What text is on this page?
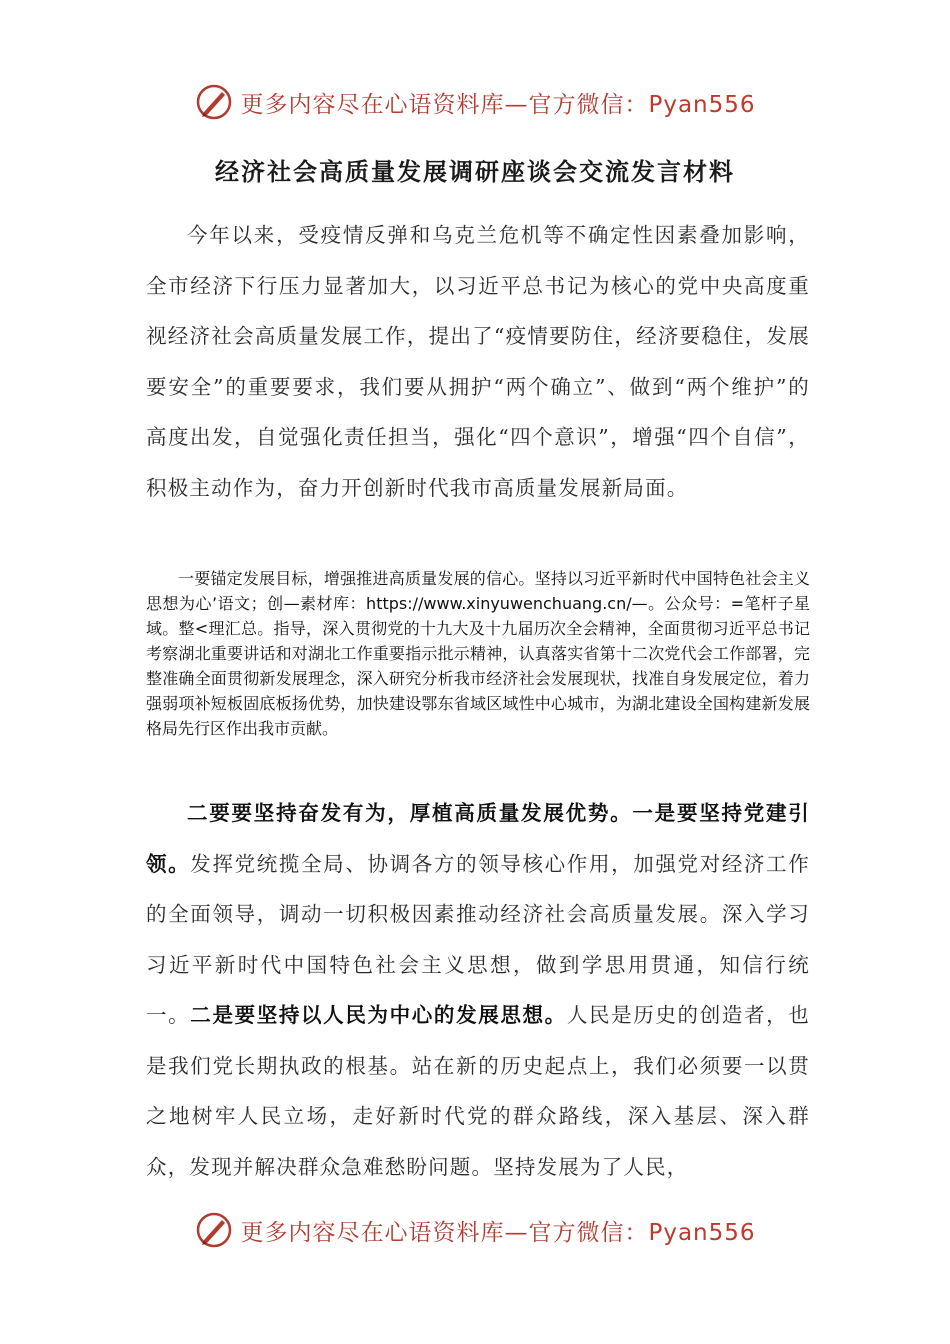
更多内容尽在心语资料库—官方微信：Pyan556
经济社会高质量发展调研座谈会交流发言材料

今年以来，受疫情反弹和乌克兰危机等不确定性因素叠加影响，全市经济下行压力显著加大，以习近平总书记为核心的党中央高度重视经济社会高质量发展工作，提出了“疫情要防住，经济要稳住，发展要安全”的重要要求，我们要从拥护“两个确立”、做到“两个维护”的高度出发，自觉强化责任担当，强化“四个意识”，增强“四个自信”，积极主动作为，奋力开创新时代我市高质量发展新局面。

一要锚定发展目标，增强推进高质量发展的信心。坚持以习近平新时代中国特色社会主义思想为心’语文；创—素材库：https://www.xinyuwenchuang.cn/—。公众号：=笔杆子星域。整<理汇总。指导，深入贯彻党的十九大及十九届历次全会精神，全面贯彻习近平总书记考察湖北重要讲话和对湖北工作重要指示批示精神，认真落实省第十二次党代会工作部署，完整准确全面贯彻新发展理念，深入研究分析我市经济社会发展现状，找准自身发展定位，着力强弱项补短板固底板扬优势，加快建设鄂东省域区域性中心城市，为湖北建设全国构建新发展格局先行区作出我市贡献。

二要要坚持奋发有为，厚植高质量发展优势。一是要坚持党建引领。发挥党统揽全局、协调各方的领导核心作用，加强党对经济工作的全面领导，调动一切积极因素推动经济社会高质量发展。深入学习习近平新时代中国特色社会主义思想，做到学思用贯通，知信行统一。二是要坚持以人民为中心的发展思想。人民是历史的创造者，也是我们党长期执政的根基。站在新的历史起点上，我们必须要一以贯之地树牢人民立场，走好新时代党的群众路线，深入基层、深入群众，发现并解决群众急难愁盼问题。坚持发展为了人民，

更多内容尽在心语资料库—官方微信：Pyan556
